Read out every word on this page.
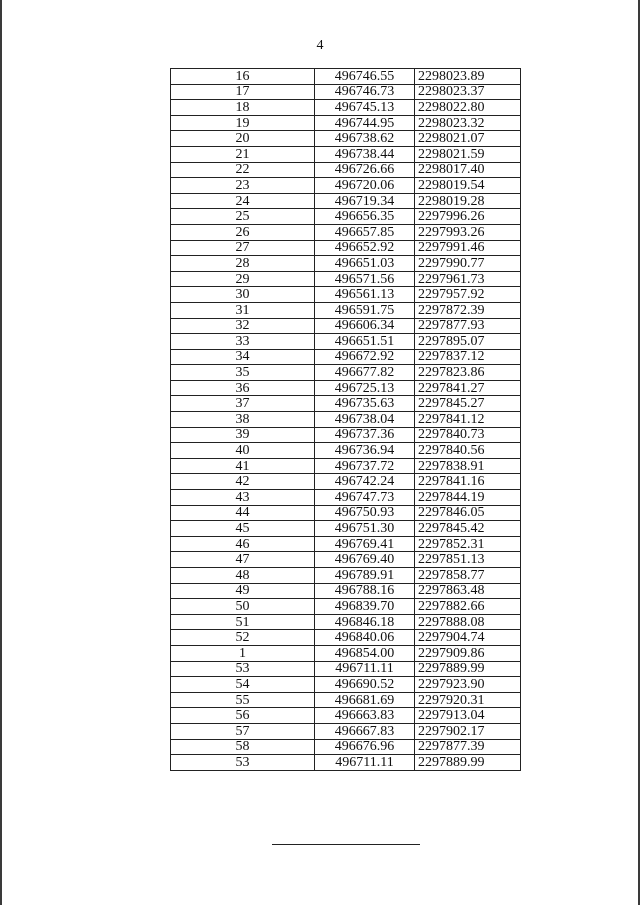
4
16	496746.55	2298023.89
17	496746.73	2298023.37
18	496745.13	2298022.80
19	496744.95	2298023.32
20	496738.62	2298021.07
21	496738.44	2298021.59
22	496726.66	2298017.40
23	496720.06	2298019.54
24	496719.34	2298019.28
25	496656.35	2297996.26
26	496657.85	2297993.26
27	496652.92	2297991.46
28	496651.03	2297990.77
29	496571.56	2297961.73
30	496561.13	2297957.92
31	496591.75	2297872.39
32	496606.34	2297877.93
33	496651.51	2297895.07
34	496672.92	2297837.12
35	496677.82	2297823.86
36	496725.13	2297841.27
37	496735.63	2297845.27
38	496738.04	2297841.12
39	496737.36	2297840.73
40	496736.94	2297840.56
41	496737.72	2297838.91
42	496742.24	2297841.16
43	496747.73	2297844.19
44	496750.93	2297846.05
45	496751.30	2297845.42
46	496769.41	2297852.31
47	496769.40	2297851.13
48	496789.91	2297858.77
49	496788.16	2297863.48
50	496839.70	2297882.66
51	496846.18	2297888.08
52	496840.06	2297904.74
1	496854.00	2297909.86
53	496711.11	2297889.99
54	496690.52	2297923.90
55	496681.69	2297920.31
56	496663.83	2297913.04
57	496667.83	2297902.17
58	496676.96	2297877.39
53	496711.11	2297889.99
